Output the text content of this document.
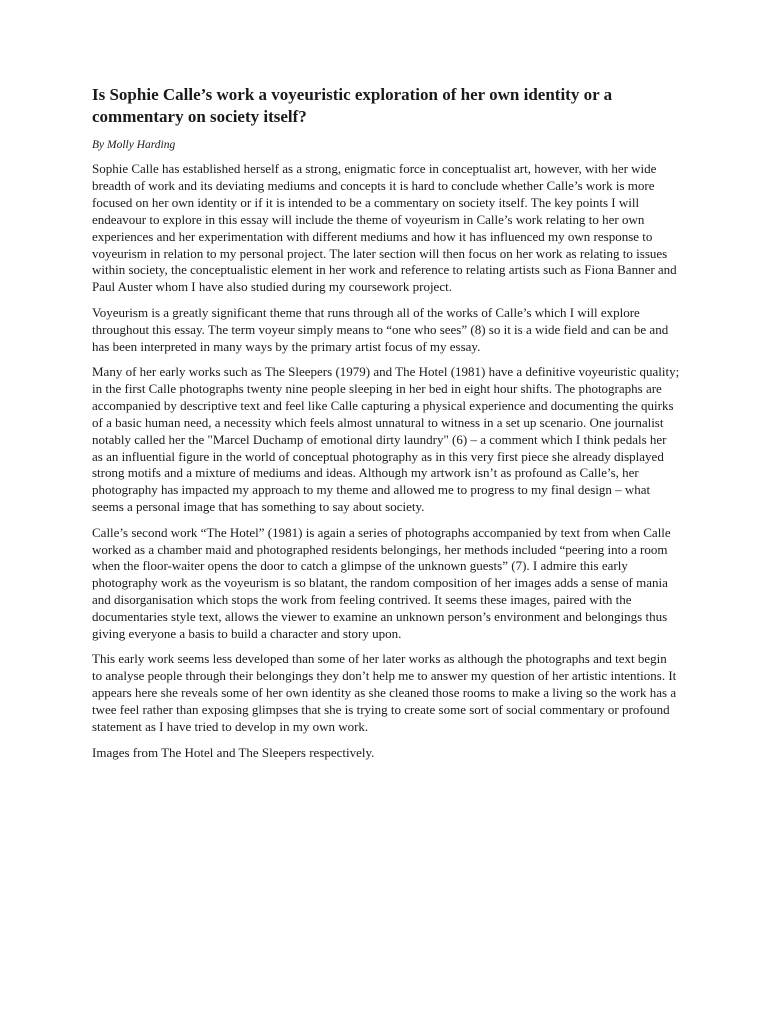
Is Sophie Calle’s work a voyeuristic exploration of her own identity or a commentary on society itself?

By Molly Harding

Sophie Calle has established herself as a strong, enigmatic force in conceptualist art, however, with her wide breadth of work and its deviating mediums and concepts it is hard to conclude whether Calle’s work is more focused on her own identity or if it is intended to be a commentary on society itself. The key points I will endeavour to explore in this essay will include the theme of voyeurism in Calle’s work relating to her own experiences and her experimentation with different mediums and how it has influenced my own response to voyeurism in relation to my personal project. The later section will then focus on her work as relating to issues within society, the conceptualistic element in her work and reference to relating artists such as Fiona Banner and Paul Auster whom I have also studied during my coursework project.

Voyeurism is a greatly significant theme that runs through all of the works of Calle’s which I will explore throughout this essay. The term voyeur simply means to “one who sees” (8) so it is a wide field and can be and has been interpreted in many ways by the primary artist focus of my essay.

Many of her early works such as The Sleepers (1979) and The Hotel (1981) have a definitive voyeuristic quality; in the first Calle photographs twenty nine people sleeping in her bed in eight hour shifts. The photographs are accompanied by descriptive text and feel like Calle capturing a physical experience and documenting the quirks of a basic human need, a necessity which feels almost unnatural to witness in a set up scenario. One journalist notably called her the "Marcel Duchamp of emotional dirty laundry" (6) – a comment which I think pedals her as an influential figure in the world of conceptual photography as in this very first piece she already displayed strong motifs and a mixture of mediums and ideas. Although my artwork isn’t as profound as Calle’s, her photography has impacted my approach to my theme and allowed me to progress to my final design – what seems a personal image that has something to say about society.

Calle’s second work “The Hotel” (1981) is again a series of photographs accompanied by text from when Calle worked as a chamber maid and photographed residents belongings, her methods included “peering into a room when the floor-waiter opens the door to catch a glimpse of the unknown guests” (7). I admire this early photography work as the voyeurism is so blatant, the random composition of her images adds a sense of mania and disorganisation which stops the work from feeling contrived. It seems these images, paired with the documentaries style text, allows the viewer to examine an unknown person’s environment and belongings thus giving everyone a basis to build a character and story upon.

This early work seems less developed than some of her later works as although the photographs and text begin to analyse people through their belongings they don’t help me to answer my question of her artistic intentions. It appears here she reveals some of her own identity as she cleaned those rooms to make a living so the work has a twee feel rather than exposing glimpses that she is trying to create some sort of social commentary or profound statement as I have tried to develop in my own work.

Images from The Hotel and The Sleepers respectively.
